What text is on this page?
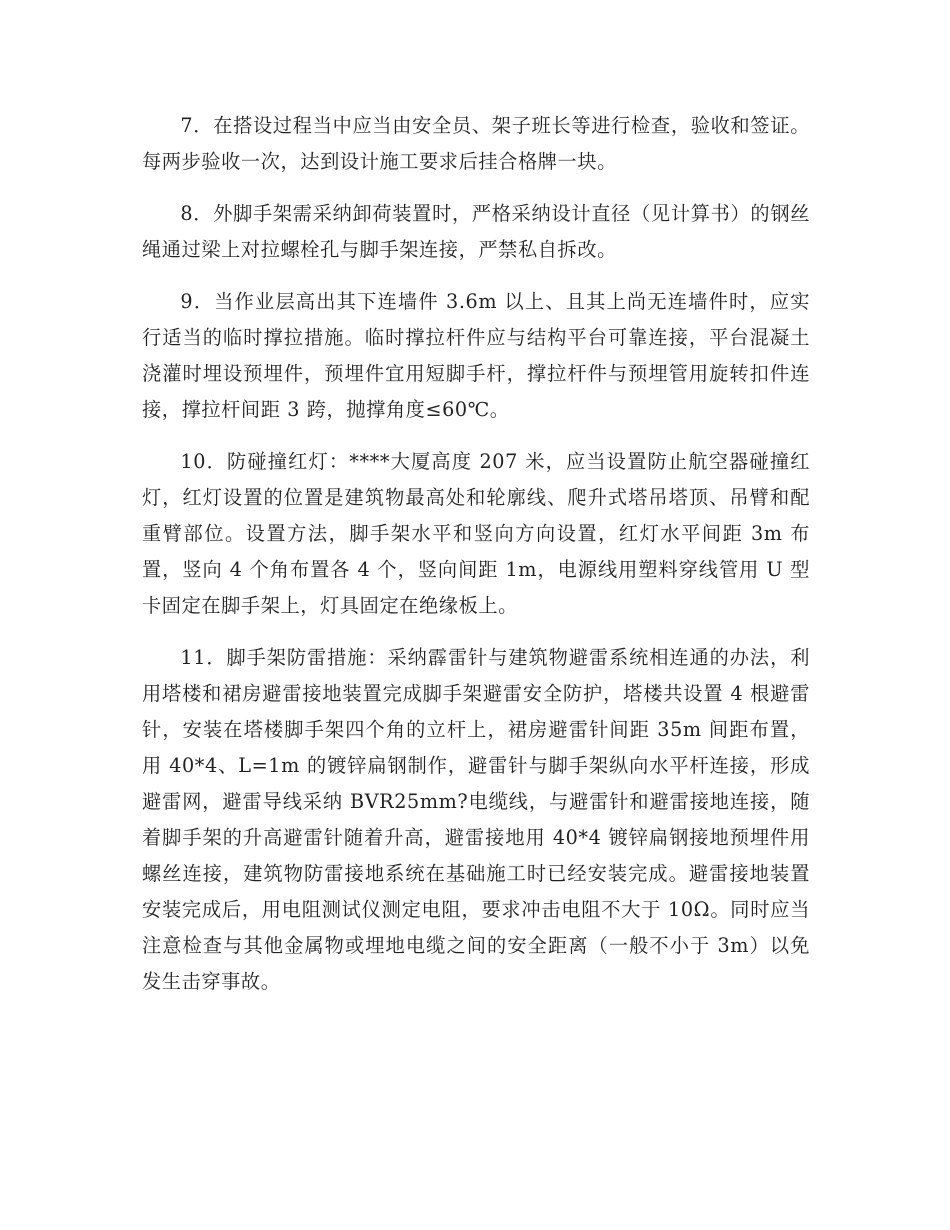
7．在搭设过程当中应当由安全员、架子班长等进行检查，验收和签证。每两步验收一次，达到设计施工要求后挂合格牌一块。

8．外脚手架需采纳卸荷装置时，严格采纳设计直径（见计算书）的钢丝绳通过梁上对拉螺栓孔与脚手架连接，严禁私自拆改。

9．当作业层高出其下连墙件 3.6m 以上、且其上尚无连墙件时，应实行适当的临时撑拉措施。临时撑拉杆件应与结构平台可靠连接，平台混凝土浇灌时埋设预埋件，预埋件宜用短脚手杆，撑拉杆件与预埋管用旋转扣件连接，撑拉杆间距 3 跨，抛撑角度≤60℃。

10．防碰撞红灯：****大厦高度 207 米，应当设置防止航空器碰撞红灯，红灯设置的位置是建筑物最高处和轮廓线、爬升式塔吊塔顶、吊臂和配重臂部位。设置方法，脚手架水平和竖向方向设置，红灯水平间距 3m 布置，竖向 4 个角布置各 4 个，竖向间距 1m，电源线用塑料穿线管用 U 型卡固定在脚手架上，灯具固定在绝缘板上。

11．脚手架防雷措施：采纳霹雷针与建筑物避雷系统相连通的办法，利用塔楼和裙房避雷接地装置完成脚手架避雷安全防护，塔楼共设置 4 根避雷针，安装在塔楼脚手架四个角的立杆上，裙房避雷针间距 35m 间距布置，用 40*4、L=1m 的镀锌扁钢制作，避雷针与脚手架纵向水平杆连接，形成避雷网，避雷导线采纳 BVR25mm?电缆线，与避雷针和避雷接地连接，随着脚手架的升高避雷针随着升高，避雷接地用 40*4 镀锌扁钢接地预埋件用螺丝连接，建筑物防雷接地系统在基础施工时已经安装完成。避雷接地装置安装完成后，用电阻测试仪测定电阻，要求冲击电阻不大于 10Ω。同时应当注意检查与其他金属物或埋地电缆之间的安全距离（一般不小于 3m）以免发生击穿事故。
